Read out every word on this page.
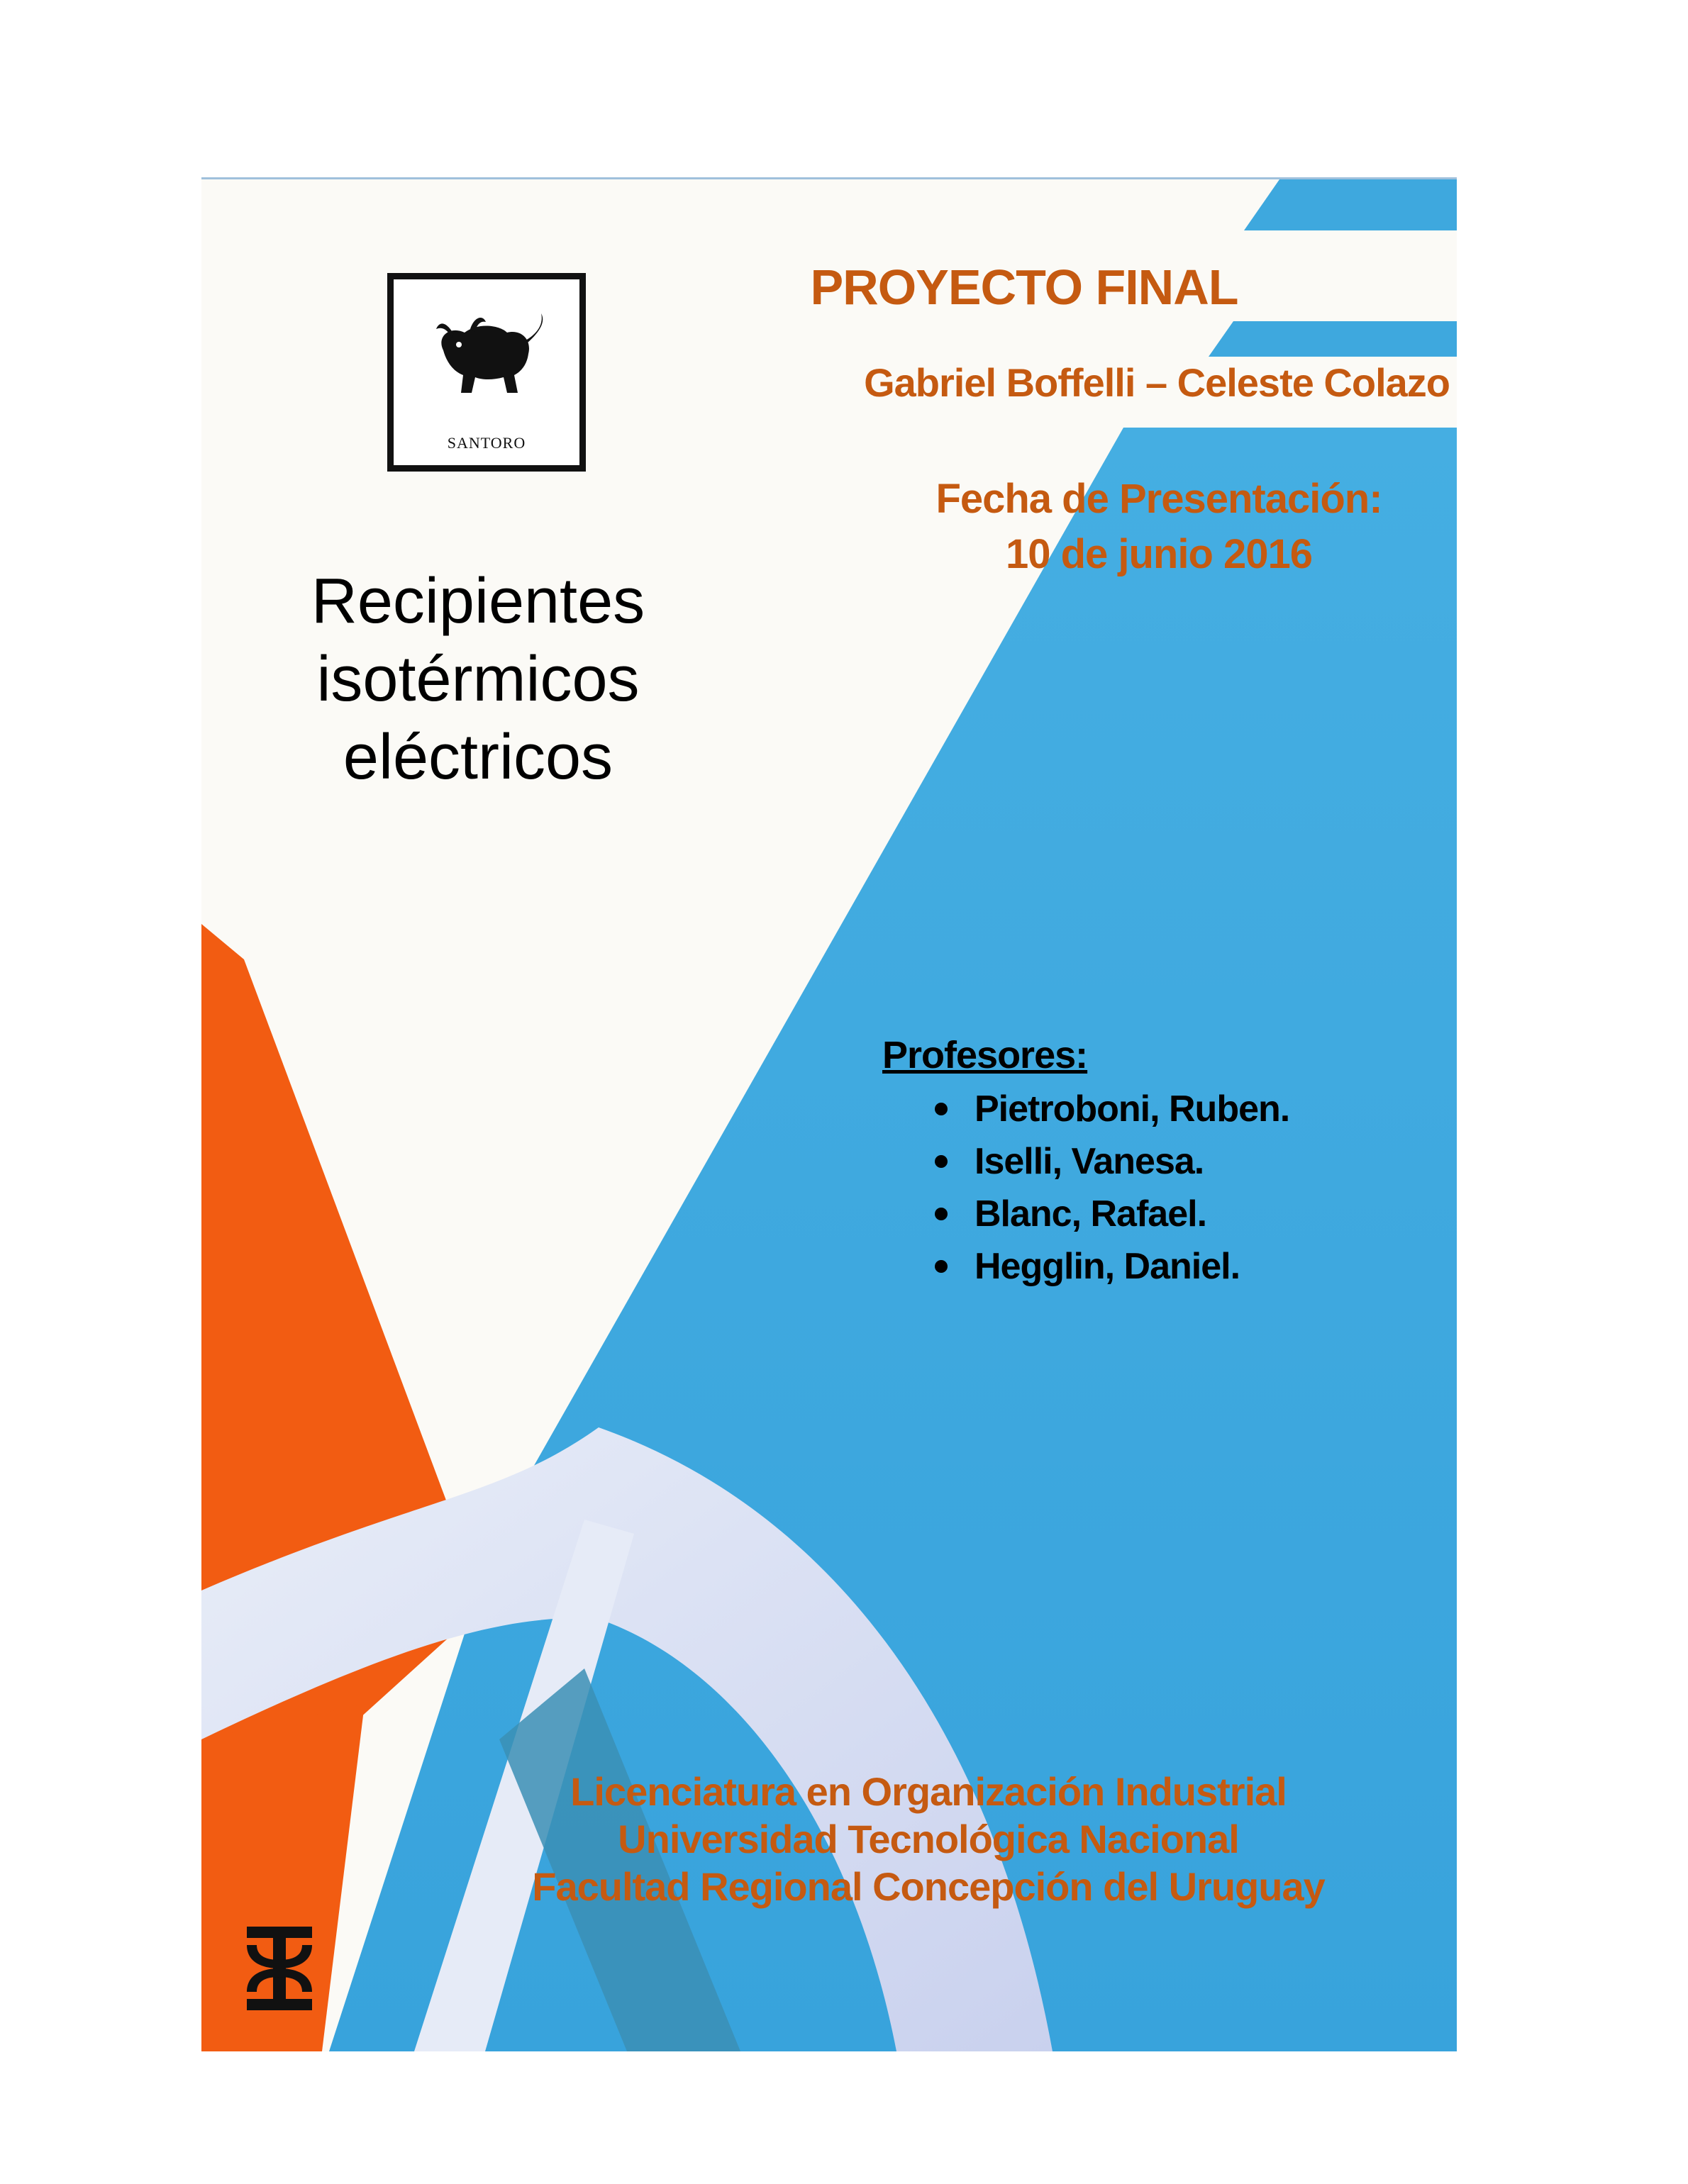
SANTORO
PROYECTO FINAL
Gabriel Boffelli – Celeste Colazo
Fecha de Presentación:
10 de junio 2016
Recipientes
isotérmicos
eléctricos
Profesores:
Pietroboni, Ruben.
Iselli, Vanesa.
Blanc, Rafael.
Hegglin, Daniel.
Licenciatura en Organización Industrial
Universidad Tecnológica Nacional
Facultad Regional Concepción del Uruguay
